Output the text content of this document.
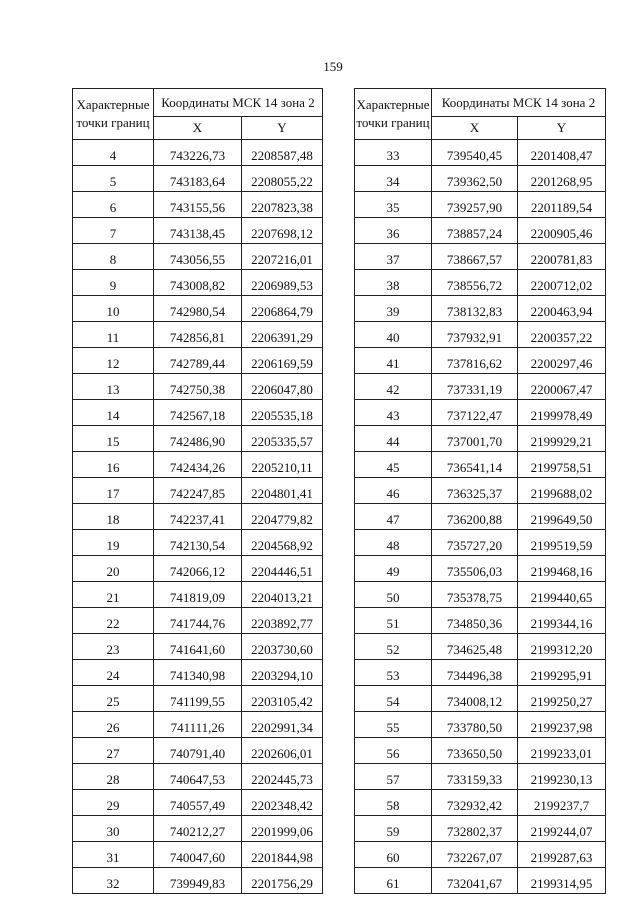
159
Характерные
точки границ	Координаты МСК 14 зона 2	
	X	Y
4	743226,73	2208587,48
5	743183,64	2208055,22
6	743155,56	2207823,38
7	743138,45	2207698,12
8	743056,55	2207216,01
9	743008,82	2206989,53
10	742980,54	2206864,79
11	742856,81	2206391,29
12	742789,44	2206169,59
13	742750,38	2206047,80
14	742567,18	2205535,18
15	742486,90	2205335,57
16	742434,26	2205210,11
17	742247,85	2204801,41
18	742237,41	2204779,82
19	742130,54	2204568,92
20	742066,12	2204446,51
21	741819,09	2204013,21
22	741744,76	2203892,77
23	741641,60	2203730,60
24	741340,98	2203294,10
25	741199,55	2203105,42
26	741111,26	2202991,34
27	740791,40	2202606,01
28	740647,53	2202445,73
29	740557,49	2202348,42
30	740212,27	2201999,06
31	740047,60	2201844,98
32	739949,83	2201756,29
Характерные
точки границ	Координаты МСК 14 зона 2	
	X	Y
33	739540,45	2201408,47
34	739362,50	2201268,95
35	739257,90	2201189,54
36	738857,24	2200905,46
37	738667,57	2200781,83
38	738556,72	2200712,02
39	738132,83	2200463,94
40	737932,91	2200357,22
41	737816,62	2200297,46
42	737331,19	2200067,47
43	737122,47	2199978,49
44	737001,70	2199929,21
45	736541,14	2199758,51
46	736325,37	2199688,02
47	736200,88	2199649,50
48	735727,20	2199519,59
49	735506,03	2199468,16
50	735378,75	2199440,65
51	734850,36	2199344,16
52	734625,48	2199312,20
53	734496,38	2199295,91
54	734008,12	2199250,27
55	733780,50	2199237,98
56	733650,50	2199233,01
57	733159,33	2199230,13
58	732932,42	2199237,7
59	732802,37	2199244,07
60	732267,07	2199287,63
61	732041,67	2199314,95
